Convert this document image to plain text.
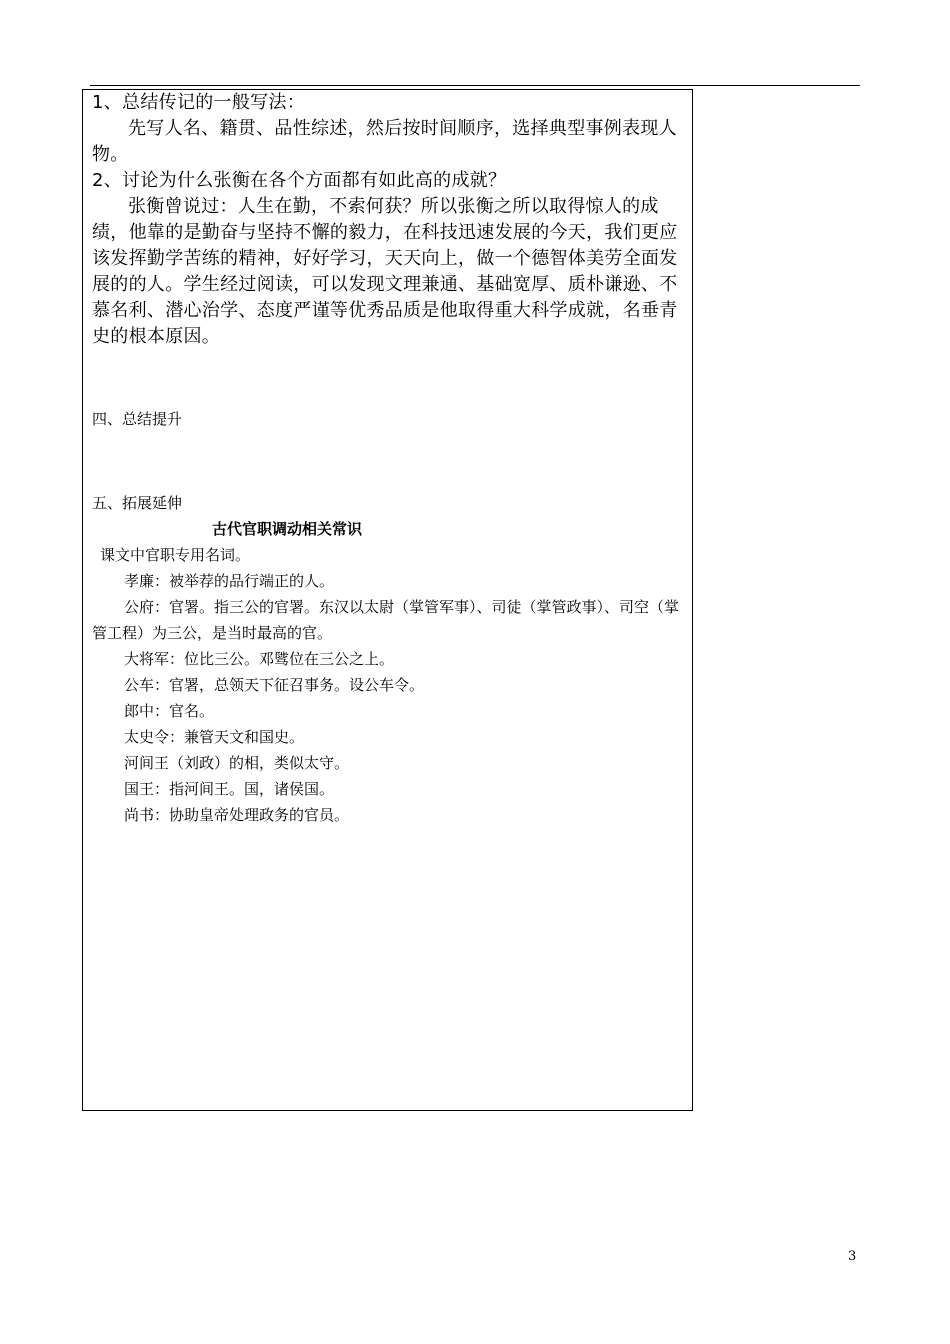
1、总结传记的一般写法：

先写人名、籍贯、品性综述，然后按时间顺序，选择典型事例表现人物。

2、讨论为什么张衡在各个方面都有如此高的成就？

张衡曾说过：人生在勤，不索何获？所以张衡之所以取得惊人的成绩，他靠的是勤奋与坚持不懈的毅力，在科技迅速发展的今天，我们更应该发挥勤学苦练的精神，好好学习，天天向上，做一个德智体美劳全面发展的的人。学生经过阅读，可以发现文理兼通、基础宽厚、质朴谦逊、不慕名利、潜心治学、态度严谨等优秀品质是他取得重大科学成就，名垂青史的根本原因。

四、总结提升

五、拓展延伸

古代官职调动相关常识

课文中官职专用名词。

孝廉：被举荐的品行端正的人。

公府：官署。指三公的官署。东汉以太尉（掌管军事）、司徒（掌管政事）、司空（掌管工程）为三公，是当时最高的官。

大将军：位比三公。邓骘位在三公之上。

公车：官署，总领天下征召事务。设公车令。

郎中：官名。

太史令：兼管天文和国史。

河间王（刘政）的相，类似太守。

国王：指河间王。国，诸侯国。

尚书：协助皇帝处理政务的官员。

3
